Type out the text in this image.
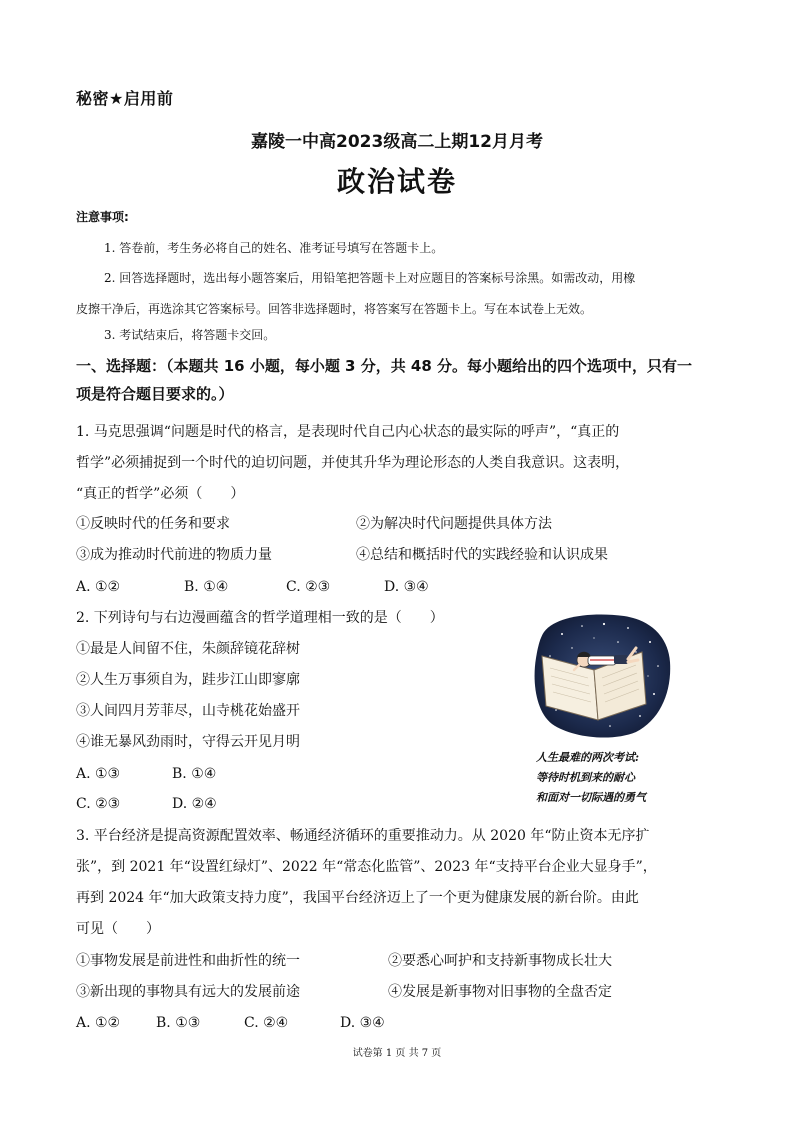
秘密★启用前
嘉陵一中高2023级高二上期12月月考
政治试卷
注意事项:
1. 答卷前，考生务必将自己的姓名、准考证号填写在答题卡上。
2. 回答选择题时，选出每小题答案后，用铅笔把答题卡上对应题目的答案标号涂黑。如需改动，用橡
皮擦干净后，再选涂其它答案标号。回答非选择题时，将答案写在答题卡上。写在本试卷上无效。
3. 考试结束后，将答题卡交回。
一、选择题：（本题共 16 小题，每小题 3 分，共 48 分。每小题给出的四个选项中，只有一
项是符合题目要求的。）
1. 马克思强调“问题是时代的格言，是表现时代自己内心状态的最实际的呼声”，“真正的
哲学”必须捕捉到一个时代的迫切问题，并使其升华为理论形态的人类自我意识。这表明，
“真正的哲学”必须（　　）
①反映时代的任务和要求	②为解决时代问题提供具体方法
③成为推动时代前进的物质力量	④总结和概括时代的实践经验和认识成果
A. ①②	B. ①④	C. ②③	D. ③④
2. 下列诗句与右边漫画蕴含的哲学道理相一致的是（　　）
①最是人间留不住，朱颜辞镜花辞树
②人生万事须自为，跬步江山即寥廓
③人间四月芳菲尽，山寺桃花始盛开
④谁无暴风劲雨时，守得云开见月明
A. ①③	B. ①④
C. ②③	D. ②④
人生最难的两次考试:
等待时机到来的耐心
和面对一切际遇的勇气
3. 平台经济是提高资源配置效率、畅通经济循环的重要推动力。从 2020 年“防止资本无序扩
张”，到 2021 年“设置红绿灯”、2022 年“常态化监管”、2023 年“支持平台企业大显身手”，
再到 2024 年“加大政策支持力度”，我国平台经济迈上了一个更为健康发展的新台阶。由此
可见（　　）
①事物发展是前进性和曲折性的统一	②要悉心呵护和支持新事物成长壮大
③新出现的事物具有远大的发展前途	④发展是新事物对旧事物的全盘否定
A. ①②	B. ①③	C. ②④	D. ③④
试卷第 1 页 共 7 页
